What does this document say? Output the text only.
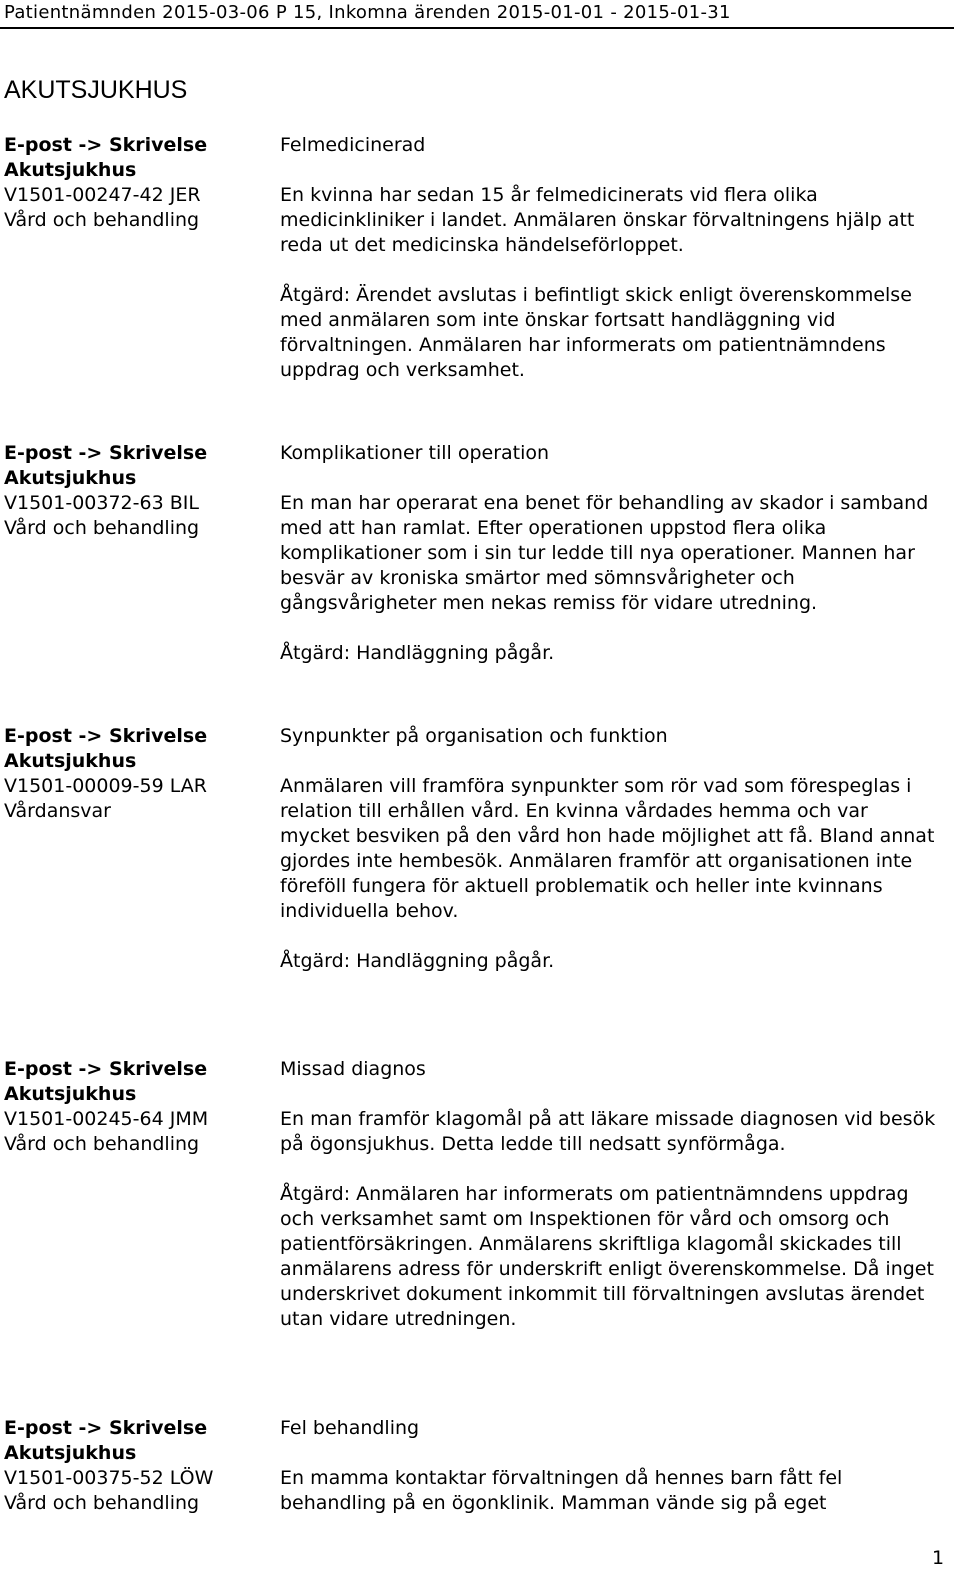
Patientnämnden 2015-03-06 P 15, Inkomna ärenden 2015-01-01 - 2015-01-31
AKUTSJUKHUS
E-post -> Skrivelse
Akutsjukhus
V1501-00247-42 JER
Vård och behandling

Felmedicinerad

En kvinna har sedan 15 år felmedicinerats vid flera olika medicinkliniker i landet. Anmälaren önskar förvaltningens hjälp att reda ut det medicinska händelseförloppet.

Åtgärd: Ärendet avslutas i befintligt skick enligt överenskommelse med anmälaren som inte önskar fortsatt handläggning vid förvaltningen. Anmälaren har informerats om patientnämndens uppdrag och verksamhet.

E-post -> Skrivelse
Akutsjukhus
V1501-00372-63 BIL
Vård och behandling

Komplikationer till operation

En man har operarat ena benet för behandling av skador i samband med att han ramlat. Efter operationen uppstod flera olika komplikationer som i sin tur ledde till nya operationer. Mannen har besvär av kroniska smärtor med sömnsvårigheter och gångsvårigheter men nekas remiss för vidare utredning.

Åtgärd: Handläggning pågår.

E-post -> Skrivelse
Akutsjukhus
V1501-00009-59 LAR
Vårdansvar

Synpunkter på organisation och funktion

Anmälaren vill framföra synpunkter som rör vad som förespeglas i relation till erhållen vård. En kvinna vårdades hemma och var mycket besviken på den vård hon hade möjlighet att få. Bland annat gjordes inte hembesök. Anmälaren framför att organisationen inte föreföll fungera för aktuell problematik och heller inte kvinnans individuella behov.

Åtgärd: Handläggning pågår.

E-post -> Skrivelse
Akutsjukhus
V1501-00245-64 JMM
Vård och behandling

Missad diagnos

En man framför klagomål på att läkare missade diagnosen vid besök på ögonsjukhus. Detta ledde till nedsatt synförmåga.

Åtgärd: Anmälaren har informerats om patientnämndens uppdrag och verksamhet samt om Inspektionen för vård och omsorg och patientförsäkringen. Anmälarens skriftliga klagomål skickades till anmälarens adress för underskrift enligt överenskommelse. Då inget underskrivet dokument inkommit till förvaltningen avslutas ärendet utan vidare utredningen.

E-post -> Skrivelse
Akutsjukhus
V1501-00375-52 LÖW
Vård och behandling

Fel behandling

En mamma kontaktar förvaltningen då hennes barn fått fel behandling på en ögonklinik. Mamman vände sig på eget

1
